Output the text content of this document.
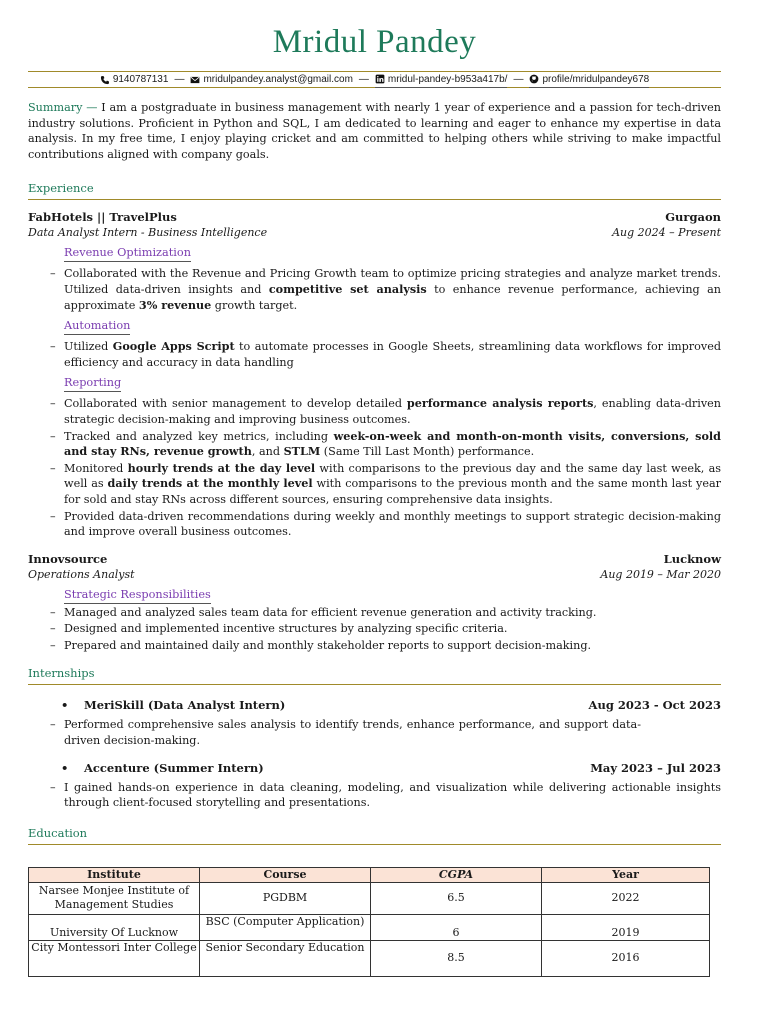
Mridul Pandey
9140787131 — mridulpandey.analyst@gmail.com — mridul-pandey-b953a417b/ — profile/mridulpandey678
Summary — I am a postgraduate in business management with nearly 1 year of experience and a passion for tech-driven industry solutions. Proficient in Python and SQL, I am dedicated to learning and eager to enhance my expertise in data analysis. In my free time, I enjoy playing cricket and am committed to helping others while striving to make impactful contributions aligned with company goals.
Experience
FabHotels || TravelPlus	Gurgaon
Data Analyst Intern - Business Intelligence	Aug 2024 – Present
Revenue Optimization
– Collaborated with the Revenue and Pricing Growth team to optimize pricing strategies and analyze market trends. Utilized data-driven insights and competitive set analysis to enhance revenue performance, achieving an approximate 3% revenue growth target.
Automation
– Utilized Google Apps Script to automate processes in Google Sheets, streamlining data workflows for improved efficiency and accuracy in data handling
Reporting
– Collaborated with senior management to develop detailed performance analysis reports, enabling data-driven strategic decision-making and improving business outcomes.
– Tracked and analyzed key metrics, including week-on-week and month-on-month visits, conversions, sold and stay RNs, revenue growth, and STLM (Same Till Last Month) performance.
– Monitored hourly trends at the day level with comparisons to the previous day and the same day last week, as well as daily trends at the monthly level with comparisons to the previous month and the same month last year for sold and stay RNs across different sources, ensuring comprehensive data insights.
– Provided data-driven recommendations during weekly and monthly meetings to support strategic decision-making and improve overall business outcomes.
Innovsource	Lucknow
Operations Analyst	Aug 2019 – Mar 2020
Strategic Responsibilities
– Managed and analyzed sales team data for efficient revenue generation and activity tracking.
– Designed and implemented incentive structures by analyzing specific criteria.
– Prepared and maintained daily and monthly stakeholder reports to support decision-making.
Internships
• MeriSkill (Data Analyst Intern)	Aug 2023 - Oct 2023
– Performed comprehensive sales analysis to identify trends, enhance performance, and support data-driven decision-making.
• Accenture (Summer Intern)	May 2023 – Jul 2023
– I gained hands-on experience in data cleaning, modeling, and visualization while delivering actionable insights through client-focused storytelling and presentations.
Education
Institute	Course	CGPA	Year
Narsee Monjee Institute of Management Studies	PGDBM	6.5	2022
University Of Lucknow	BSC (Computer Application)	6	2019
City Montessori Inter College	Senior Secondary Education	8.5	2016
